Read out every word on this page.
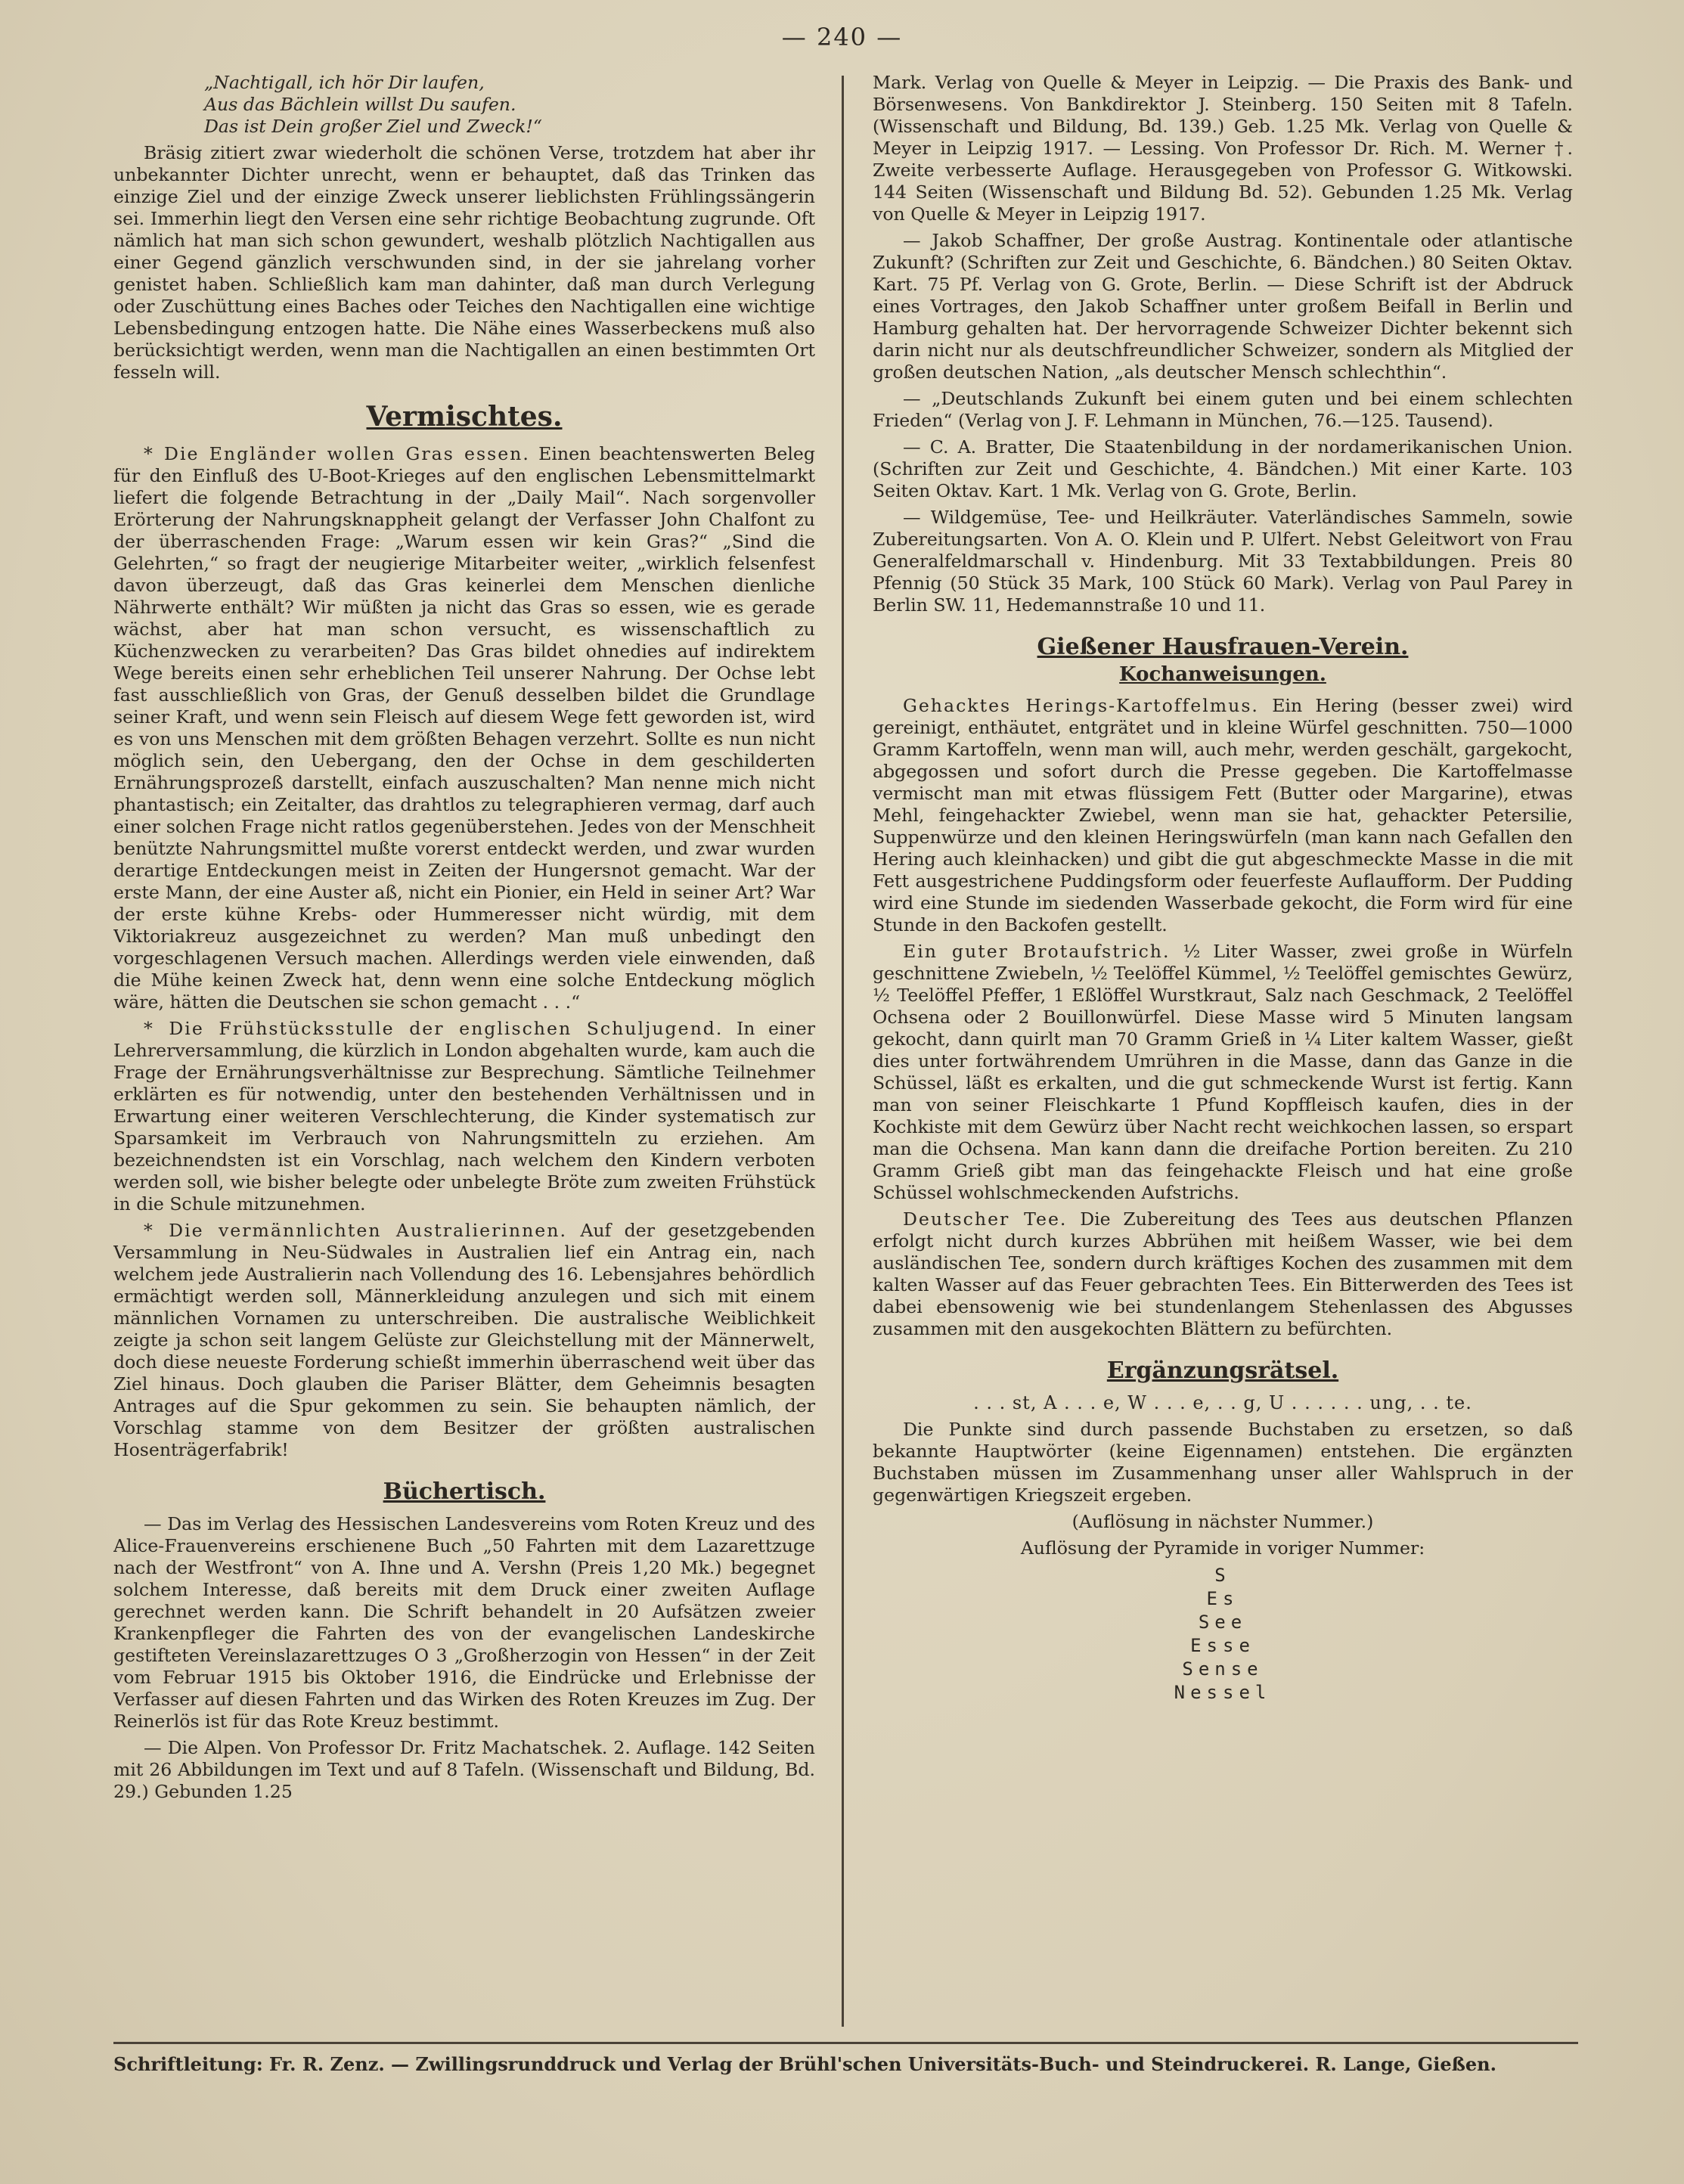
— 240 —
„Nachtigall, ich hör Dir laufen,
Aus das Bächlein willst Du saufen.
Das ist Dein großer Ziel und Zweck!“

Bräsig zitiert zwar wiederholt die schönen Verse, trotzdem hat aber ihr unbekannter Dichter unrecht, wenn er behauptet, daß das Trinken das einzige Ziel und der einzige Zweck unserer lieblichsten Frühlingssängerin sei. Immerhin liegt den Versen eine sehr richtige Beobachtung zugrunde. Oft nämlich hat man sich schon gewundert, weshalb plötzlich Nachtigallen aus einer Gegend gänzlich verschwunden sind, in der sie jahrelang vorher genistet haben. Schließlich kam man dahinter, daß man durch Verlegung oder Zuschüttung eines Baches oder Teiches den Nachtigallen eine wichtige Lebensbedingung entzogen hatte. Die Nähe eines Wasserbeckens muß also berücksichtigt werden, wenn man die Nachtigallen an einen bestimmten Ort fesseln will.

Vermischtes.

* Die Engländer wollen Gras essen. Einen beachtenswerten Beleg für den Einfluß des U-Boot-Krieges auf den englischen Lebensmittelmarkt liefert die folgende Betrachtung in der „Daily Mail“. Nach sorgenvoller Erörterung der Nahrungsknappheit gelangt der Verfasser John Chalfont zu der überraschenden Frage: „Warum essen wir kein Gras?“ „Sind die Gelehrten,“ so fragt der neugierige Mitarbeiter weiter, „wirklich felsenfest davon überzeugt, daß das Gras keinerlei dem Menschen dienliche Nährwerte enthält? Wir müßten ja nicht das Gras so essen, wie es gerade wächst, aber hat man schon versucht, es wissenschaftlich zu Küchenzwecken zu verarbeiten? Das Gras bildet ohnedies auf indirektem Wege bereits einen sehr erheblichen Teil unserer Nahrung. Der Ochse lebt fast ausschließlich von Gras, der Genuß desselben bildet die Grundlage seiner Kraft, und wenn sein Fleisch auf diesem Wege fett geworden ist, wird es von uns Menschen mit dem größten Behagen verzehrt. Sollte es nun nicht möglich sein, den Uebergang, den der Ochse in dem geschilderten Ernährungsprozeß darstellt, einfach auszuschalten? Man nenne mich nicht phantastisch; ein Zeitalter, das drahtlos zu telegraphieren vermag, darf auch einer solchen Frage nicht ratlos gegenüberstehen. Jedes von der Menschheit benützte Nahrungsmittel mußte vorerst entdeckt werden, und zwar wurden derartige Entdeckungen meist in Zeiten der Hungersnot gemacht. War der erste Mann, der eine Auster aß, nicht ein Pionier, ein Held in seiner Art? War der erste kühne Krebs- oder Hummeresser nicht würdig, mit dem Viktoriakreuz ausgezeichnet zu werden? Man muß unbedingt den vorgeschlagenen Versuch machen. Allerdings werden viele einwenden, daß die Mühe keinen Zweck hat, denn wenn eine solche Entdeckung möglich wäre, hätten die Deutschen sie schon gemacht . . .“

* Die Frühstücksstulle der englischen Schuljugend. In einer Lehrerversammlung, die kürzlich in London abgehalten wurde, kam auch die Frage der Ernährungsverhältnisse zur Besprechung. Sämtliche Teilnehmer erklärten es für notwendig, unter den bestehenden Verhältnissen und in Erwartung einer weiteren Verschlechterung, die Kinder systematisch zur Sparsamkeit im Verbrauch von Nahrungsmitteln zu erziehen. Am bezeichnendsten ist ein Vorschlag, nach welchem den Kindern verboten werden soll, wie bisher belegte oder unbelegte Bröte zum zweiten Frühstück in die Schule mitzunehmen.

* Die vermännlichten Australierinnen. Auf der gesetzgebenden Versammlung in Neu-Südwales in Australien lief ein Antrag ein, nach welchem jede Australierin nach Vollendung des 16. Lebensjahres behördlich ermächtigt werden soll, Männerkleidung anzulegen und sich mit einem männlichen Vornamen zu unterschreiben. Die australische Weiblichkeit zeigte ja schon seit langem Gelüste zur Gleichstellung mit der Männerwelt, doch diese neueste Forderung schießt immerhin überraschend weit über das Ziel hinaus. Doch glauben die Pariser Blätter, dem Geheimnis besagten Antrages auf die Spur gekommen zu sein. Sie behaupten nämlich, der Vorschlag stamme von dem Besitzer der größten australischen Hosenträgerfabrik!

Büchertisch.

— Das im Verlag des Hessischen Landesvereins vom Roten Kreuz und des Alice-Frauenvereins erschienene Buch „50 Fahrten mit dem Lazarettzuge nach der Westfront“ von A. Ihne und A. Vershn (Preis 1,20 Mk.) begegnet solchem Interesse, daß bereits mit dem Druck einer zweiten Auflage gerechnet werden kann. Die Schrift behandelt in 20 Aufsätzen zweier Krankenpfleger die Fahrten des von der evangelischen Landeskirche gestifteten Vereinslazarettzuges O 3 „Großherzogin von Hessen“ in der Zeit vom Februar 1915 bis Oktober 1916, die Eindrücke und Erlebnisse der Verfasser auf diesen Fahrten und das Wirken des Roten Kreuzes im Zug. Der Reinerlös ist für das Rote Kreuz bestimmt.

— Die Alpen. Von Professor Dr. Fritz Machatschek. 2. Auflage. 142 Seiten mit 26 Abbildungen im Text und auf 8 Tafeln. (Wissenschaft und Bildung, Bd. 29.) Gebunden 1.25

Mark. Verlag von Quelle & Meyer in Leipzig. — Die Praxis des Bank- und Börsenwesens. Von Bankdirektor J. Steinberg. 150 Seiten mit 8 Tafeln. (Wissenschaft und Bildung, Bd. 139.) Geb. 1.25 Mk. Verlag von Quelle & Meyer in Leipzig 1917. — Lessing. Von Professor Dr. Rich. M. Werner †. Zweite verbesserte Auflage. Herausgegeben von Professor G. Witkowski. 144 Seiten (Wissenschaft und Bildung Bd. 52). Gebunden 1.25 Mk. Verlag von Quelle & Meyer in Leipzig 1917.

— Jakob Schaffner, Der große Austrag. Kontinentale oder atlantische Zukunft? (Schriften zur Zeit und Geschichte, 6. Bändchen.) 80 Seiten Oktav. Kart. 75 Pf. Verlag von G. Grote, Berlin. — Diese Schrift ist der Abdruck eines Vortrages, den Jakob Schaffner unter großem Beifall in Berlin und Hamburg gehalten hat. Der hervorragende Schweizer Dichter bekennt sich darin nicht nur als deutschfreundlicher Schweizer, sondern als Mitglied der großen deutschen Nation, „als deutscher Mensch schlechthin“.

— „Deutschlands Zukunft bei einem guten und bei einem schlechten Frieden“ (Verlag von J. F. Lehmann in München, 76.—125. Tausend).

— C. A. Bratter, Die Staatenbildung in der nordamerikanischen Union. (Schriften zur Zeit und Geschichte, 4. Bändchen.) Mit einer Karte. 103 Seiten Oktav. Kart. 1 Mk. Verlag von G. Grote, Berlin.

— Wildgemüse, Tee- und Heilkräuter. Vaterländisches Sammeln, sowie Zubereitungsarten. Von A. O. Klein und P. Ulfert. Nebst Geleitwort von Frau Generalfeldmarschall v. Hindenburg. Mit 33 Textabbildungen. Preis 80 Pfennig (50 Stück 35 Mark, 100 Stück 60 Mark). Verlag von Paul Parey in Berlin SW. 11, Hedemannstraße 10 und 11.

Gießener Hausfrauen-Verein.
Kochanweisungen.

Gehacktes Herings-Kartoffelmus. Ein Hering (besser zwei) wird gereinigt, enthäutet, entgrätet und in kleine Würfel geschnitten. 750—1000 Gramm Kartoffeln, wenn man will, auch mehr, werden geschält, gargekocht, abgegossen und sofort durch die Presse gegeben. Die Kartoffelmasse vermischt man mit etwas flüssigem Fett (Butter oder Margarine), etwas Mehl, feingehackter Zwiebel, wenn man sie hat, gehackter Petersilie, Suppenwürze und den kleinen Heringswürfeln (man kann nach Gefallen den Hering auch kleinhacken) und gibt die gut abgeschmeckte Masse in die mit Fett ausgestrichene Puddingsform oder feuerfeste Auflaufform. Der Pudding wird eine Stunde im siedenden Wasserbade gekocht, die Form wird für eine Stunde in den Backofen gestellt.

Ein guter Brotaufstrich. ½ Liter Wasser, zwei große in Würfeln geschnittene Zwiebeln, ½ Teelöffel Kümmel, ½ Teelöffel gemischtes Gewürz, ½ Teelöffel Pfeffer, 1 Eßlöffel Wurstkraut, Salz nach Geschmack, 2 Teelöffel Ochsena oder 2 Bouillonwürfel. Diese Masse wird 5 Minuten langsam gekocht, dann quirlt man 70 Gramm Grieß in ¼ Liter kaltem Wasser, gießt dies unter fortwährendem Umrühren in die Masse, dann das Ganze in die Schüssel, läßt es erkalten, und die gut schmeckende Wurst ist fertig. Kann man von seiner Fleischkarte 1 Pfund Kopffleisch kaufen, dies in der Kochkiste mit dem Gewürz über Nacht recht weichkochen lassen, so erspart man die Ochsena. Man kann dann die dreifache Portion bereiten. Zu 210 Gramm Grieß gibt man das feingehackte Fleisch und hat eine große Schüssel wohlschmeckenden Aufstrichs.

Deutscher Tee. Die Zubereitung des Tees aus deutschen Pflanzen erfolgt nicht durch kurzes Abbrühen mit heißem Wasser, wie bei dem ausländischen Tee, sondern durch kräftiges Kochen des zusammen mit dem kalten Wasser auf das Feuer gebrachten Tees. Ein Bitterwerden des Tees ist dabei ebensowenig wie bei stundenlangem Stehenlassen des Abgusses zusammen mit den ausgekochten Blättern zu befürchten.

Ergänzungsrätsel.
. . . st, A . . . e, W . . . e, . . g, U . . . . . . ung, . . te.

Die Punkte sind durch passende Buchstaben zu ersetzen, so daß bekannte Hauptwörter (keine Eigennamen) entstehen. Die ergänzten Buchstaben müssen im Zusammenhang unser aller Wahlspruch in der gegenwärtigen Kriegszeit ergeben.

(Auflösung in nächster Nummer.)

Auflösung der Pyramide in voriger Nummer:

S
Es
See
Esse
Sense
Nessel
Schriftleitung: Fr. R. Zenz. — Zwillingsrunddruck und Verlag der Brühl'schen Universitäts-Buch- und Steindruckerei. R. Lange, Gießen.
